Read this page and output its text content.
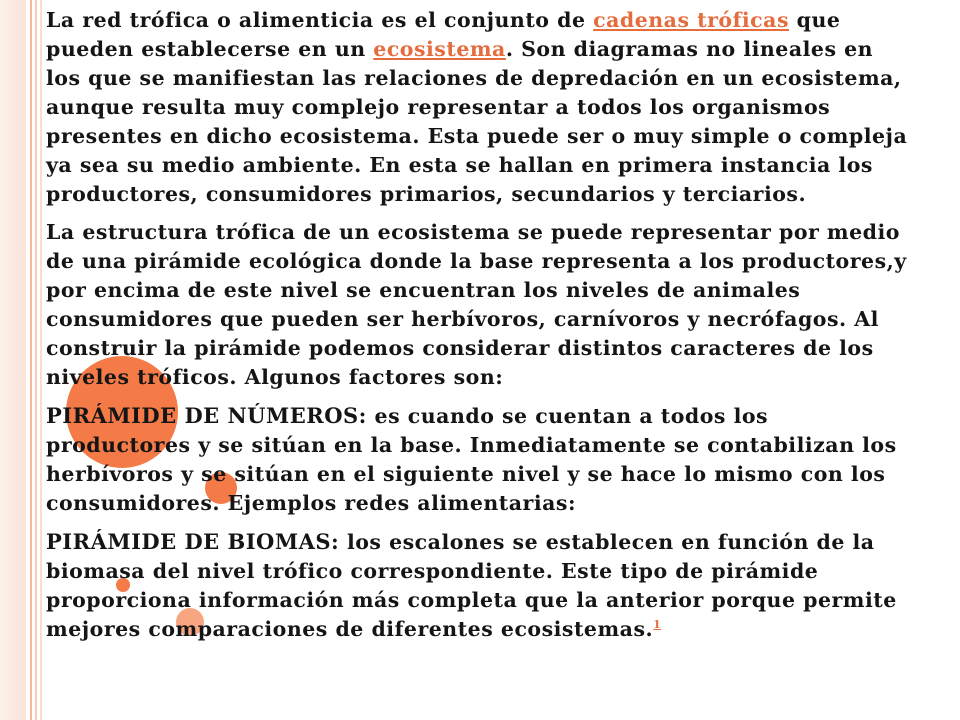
La red trófica o alimenticia es el conjunto de cadenas tróficas que pueden establecerse en un ecosistema. Son diagramas no lineales en los que se manifiestan las relaciones de depredación en un ecosistema, aunque resulta muy complejo representar a todos los organismos presentes en dicho ecosistema. Esta puede ser o muy simple o compleja ya sea su medio ambiente. En esta se hallan en primera instancia los productores, consumidores primarios, secundarios y terciarios.

La estructura trófica de un ecosistema se puede representar por medio de una pirámide ecológica donde la base representa a los productores,y por encima de este nivel se encuentran los niveles de animales consumidores que pueden ser herbívoros, carnívoros y necrófagos. Al construir la pirámide podemos considerar distintos caracteres de los niveles tróficos. Algunos factores son:

PIRÁMIDE DE NÚMEROS: es cuando se cuentan a todos los productores y se sitúan en la base. Inmediatamente se contabilizan los herbívoros y se sitúan en el siguiente nivel y se hace lo mismo con los consumidores. Ejemplos redes alimentarias:

PIRÁMIDE DE BIOMAS: los escalones se establecen en función de la biomasa del nivel trófico correspondiente. Este tipo de pirámide proporciona información más completa que la anterior porque permite mejores comparaciones de diferentes ecosistemas.$^1$
